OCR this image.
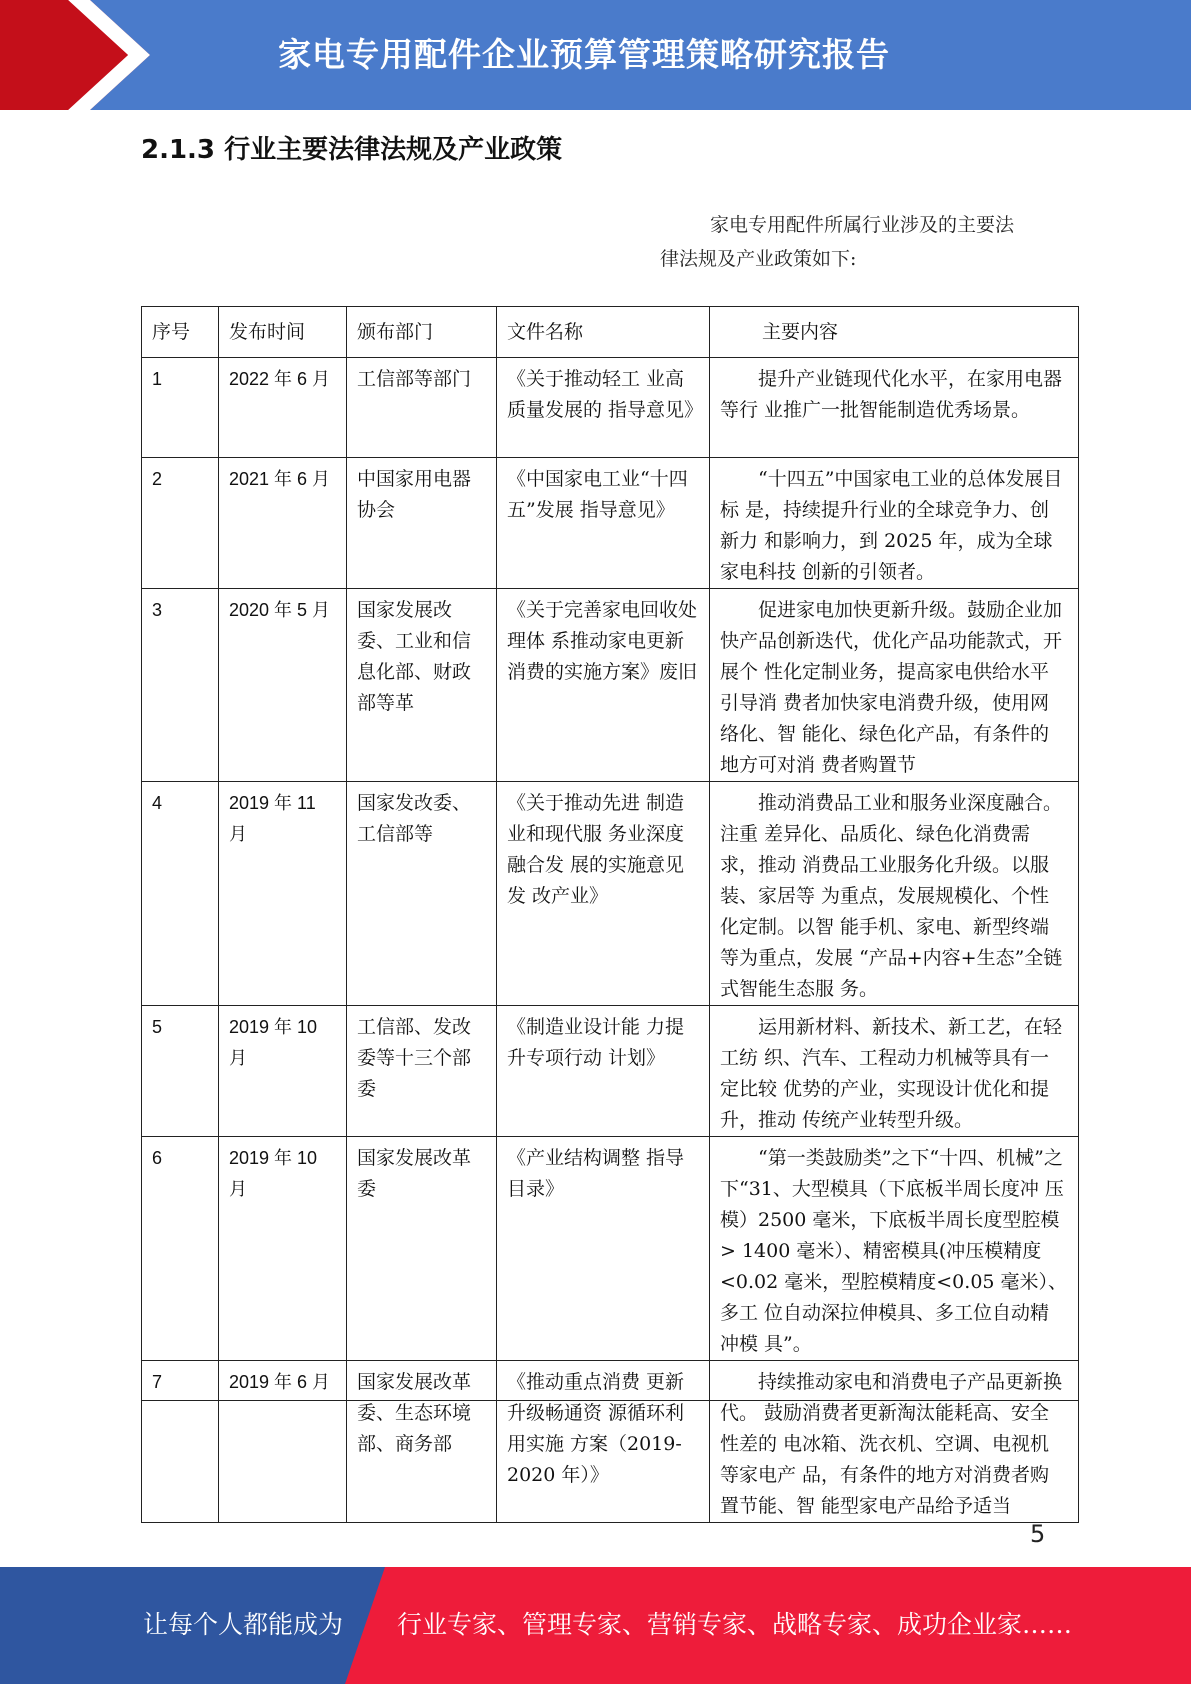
家电专用配件企业预算管理策略研究报告
2.1.3 行业主要法律法规及产业政策
家电专用配件所属行业涉及的主要法
律法规及产业政策如下:
序号	发布时间	颁布部门	文件名称	主要内容
1	2022 年 6 月	工信部等部门	《关于推动轻工 业高质量发展的 指导意见》	提升产业链现代化水平，在家用电器等行 业推广一批智能制造优秀场景。
2	2021 年 6 月	中国家用电器协会	《中国家电工业“十四五”发展 指导意见》	“十四五”中国家电工业的总体发展目标 是，持续提升行业的全球竞争力、创新力 和影响力，到 2025 年，成为全球家电科技 创新的引领者。
3	2020 年 5 月	国家发展改委、工业和信息化部、财政部等革	《关于完善家电回收处理体 系推动家电更新 消费的实施方案》废旧	促进家电加快更新升级。鼓励企业加快产品创新迭代，优化产品功能款式，开展个 性化定制业务，提高家电供给水平引导消 费者加快家电消费升级，使用网络化、智 能化、绿色化产品，有条件的地方可对消 费者购置节
4	2019 年 11 月	国家发改委、工信部等	《关于推动先进 制造业和现代服 务业深度融合发 展的实施意见发 改产业》	推动消费品工业和服务业深度融合。注重 差异化、品质化、绿色化消费需求，推动 消费品工业服务化升级。以服装、家居等 为重点，发展规模化、个性化定制。以智 能手机、家电、新型终端等为重点，发展 “产品+内容+生态”全链式智能生态服 务。
5	2019 年 10 月	工信部、发改委等十三个部委	《制造业设计能 力提升专项行动 计划》	运用新材料、新技术、新工艺，在轻工纺 织、汽车、工程动力机械等具有一定比较 优势的产业，实现设计优化和提升，推动 传统产业转型升级。
6	2019 年 10 月	国家发展改革委	《产业结构调整 指导目录》	“第一类鼓励类”之下“十四、机械”之下“31、大型模具（下底板半周长度冲 压模）2500 毫米，下底板半周长度型腔模 > 1400 毫米）、精密模具(冲压模精度 <0.02 毫米，型腔模精度<0.05 毫米）、多工 位自动深拉伸模具、多工位自动精冲模 具”。
7	2019 年 6 月	国家发展改革委、生态环境部、商务部	《推动重点消费 更新升级畅通资 源循环利用实施 方案（2019- 2020 年）》	持续推动家电和消费电子产品更新换代。 鼓励消费者更新淘汰能耗高、安全性差的 电冰箱、洗衣机、空调、电视机等家电产 品，有条件的地方对消费者购置节能、智 能型家电产品给予适当
5
让每个人都能成为 行业专家、管理专家、营销专家、战略专家、成功企业家……
